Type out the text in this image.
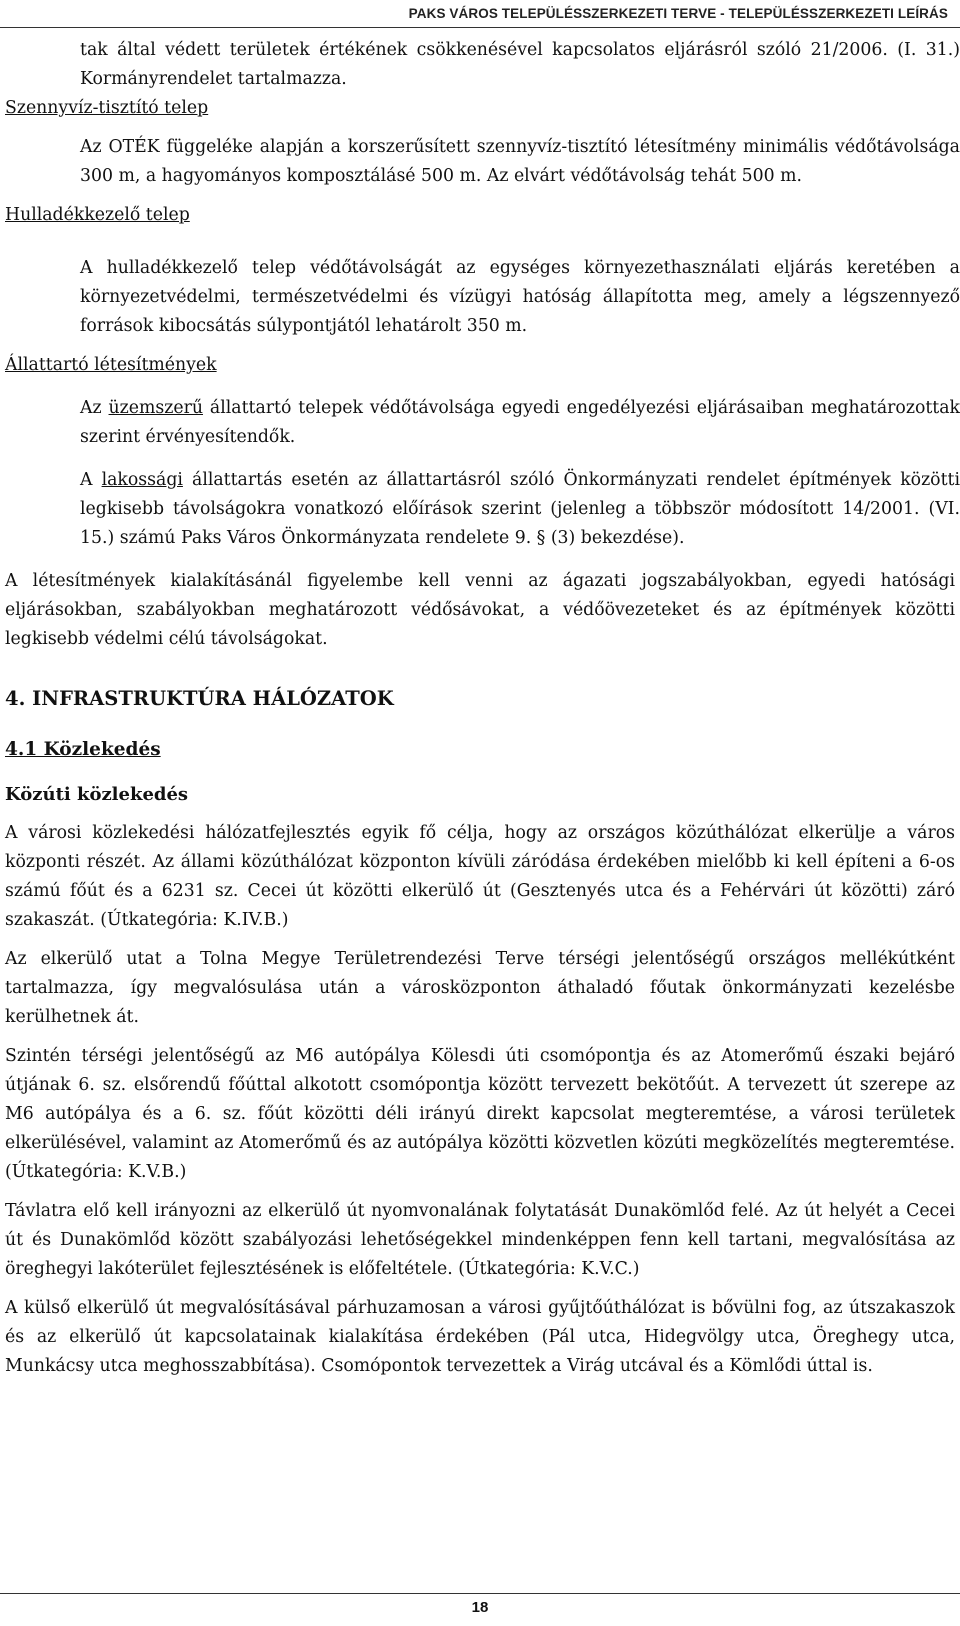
PAKS VÁROS TELEPÜLÉSSZERKEZETI TERVE - TELEPÜLÉSSZERKEZETI LEÍRÁS

tak által védett területek értékének csökkenésével kapcsolatos eljárásról szóló 21/2006. (I. 31.) Kormányrendelet tartalmazza.

Szennyvíz-tisztító telep

Az OTÉK függeléke alapján a korszerűsített szennyvíz-tisztító létesítmény minimális védőtávolsága 300 m, a hagyományos komposztálásé 500 m. Az elvárt védőtávolság tehát 500 m.

Hulladékkezelő telep

A hulladékkezelő telep védőtávolságát az egységes környezethasználati eljárás keretében a környezetvédelmi, természetvédelmi és vízügyi hatóság állapította meg, amely a légszennyező források kibocsátás súlypontjától lehatárolt 350 m.

Állattartó létesítmények

Az üzemszerű állattartó telepek védőtávolsága egyedi engedélyezési eljárásaiban meghatározottak szerint érvényesítendők.

A lakossági állattartás esetén az állattartásról szóló Önkormányzati rendelet építmények közötti legkisebb távolságokra vonatkozó előírások szerint (jelenleg a többször módosított 14/2001. (VI. 15.) számú Paks Város Önkormányzata rendelete 9. § (3) bekezdése).

A létesítmények kialakításánál figyelembe kell venni az ágazati jogszabályokban, egyedi hatósági eljárásokban, szabályokban meghatározott védősávokat, a védőövezeteket és az építmények közötti legkisebb védelmi célú távolságokat.

4. INFRASTRUKTÚRA HÁLÓZATOK

4.1 Közlekedés

Közúti közlekedés

A városi közlekedési hálózatfejlesztés egyik fő célja, hogy az országos közúthálózat elkerülje a város központi részét. Az állami közúthálózat központon kívüli záródása érdekében mielőbb ki kell építeni a 6-os számú főút és a 6231 sz. Cecei út közötti elkerülő út (Gesztenyés utca és a Fehérvári út közötti) záró szakaszát. (Útkategória: K.IV.B.)

Az elkerülő utat a Tolna Megye Területrendezési Terve térségi jelentőségű országos mellékútként tartalmazza, így megvalósulása után a városközponton áthaladó főutak önkormányzati kezelésbe kerülhetnek át.

Szintén térségi jelentőségű az M6 autópálya Kölesdi úti csomópontja és az Atomerőmű északi bejáró útjának 6. sz. elsőrendű főúttal alkotott csomópontja között tervezett bekötőút. A tervezett út szerepe az M6 autópálya és a 6. sz. főút közötti déli irányú direkt kapcsolat megteremtése, a városi területek elkerülésével, valamint az Atomerőmű és az autópálya közötti közvetlen közúti megközelítés megteremtése. (Útkategória: K.V.B.)

Távlatra elő kell irányozni az elkerülő út nyomvonalának folytatását Dunakömlőd felé. Az út helyét a Cecei út és Dunakömlőd között szabályozási lehetőségekkel mindenképpen fenn kell tartani, megvalósítása az öreghegyi lakóterület fejlesztésének is előfeltétele. (Útkategória: K.V.C.)

A külső elkerülő út megvalósításával párhuzamosan a városi gyűjtőúthálózat is bővülni fog, az útszakaszok és az elkerülő út kapcsolatainak kialakítása érdekében (Pál utca, Hidegvölgy utca, Öreghegy utca, Munkácsy utca meghosszabbítása). Csomópontok tervezettek a Virág utcával és a Kömlődi úttal is.

18
